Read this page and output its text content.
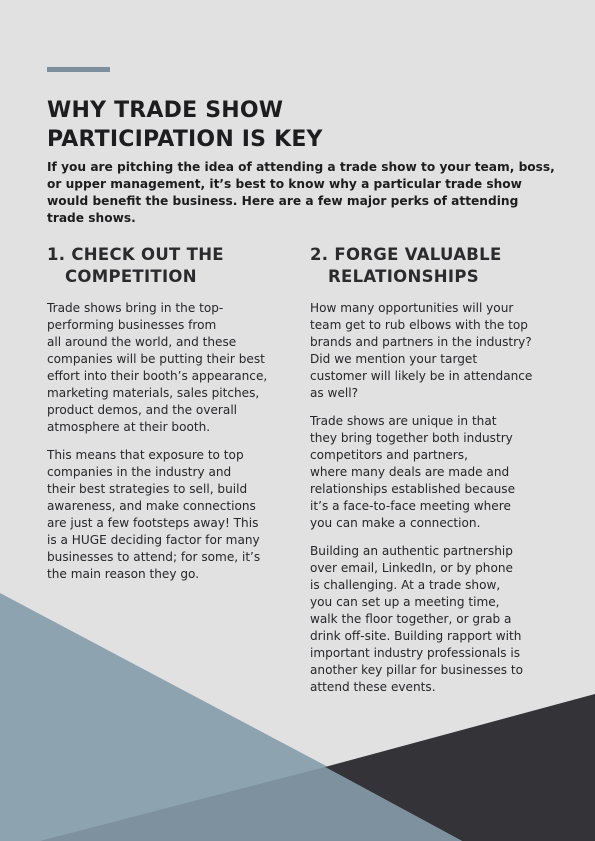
WHY TRADE SHOW
PARTICIPATION IS KEY

If you are pitching the idea of attending a trade show to your team, boss, or upper management, it’s best to know why a particular trade show would benefit the business. Here are a few major perks of attending trade shows.

1. CHECK OUT THE
COMPETITION

Trade shows bring in the top-
performing businesses from
all around the world, and these
companies will be putting their best
effort into their booth’s appearance,
marketing materials, sales pitches,
product demos, and the overall
atmosphere at their booth.

This means that exposure to top
companies in the industry and
their best strategies to sell, build
awareness, and make connections
are just a few footsteps away! This
is a HUGE deciding factor for many
businesses to attend; for some, it’s
the main reason they go.

2. FORGE VALUABLE
RELATIONSHIPS

How many opportunities will your
team get to rub elbows with the top
brands and partners in the industry?
Did we mention your target
customer will likely be in attendance
as well?

Trade shows are unique in that
they bring together both industry
competitors and partners,
where many deals are made and
relationships established because
it’s a face-to-face meeting where
you can make a connection.

Building an authentic partnership
over email, LinkedIn, or by phone
is challenging. At a trade show,
you can set up a meeting time,
walk the floor together, or grab a
drink off-site. Building rapport with
important industry professionals is
another key pillar for businesses to
attend these events.
